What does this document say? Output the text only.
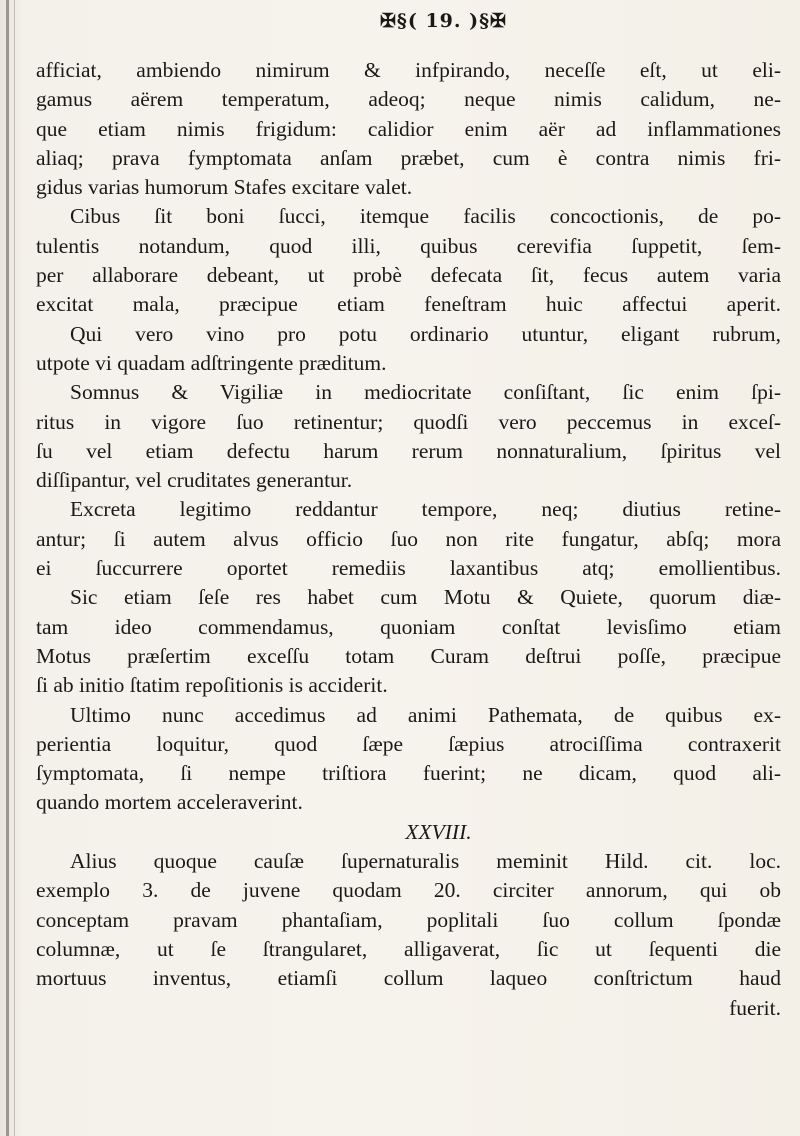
✠§( 19. )§✠
afficiat, ambiendo nimirum & infpirando, neceſſe eſt, ut eli-
gamus aërem temperatum, adeoq; neque nimis calidum, ne-
que etiam nimis frigidum: calidior enim aër ad inflammationes
aliaq; prava fymptomata anſam præbet, cum è contra nimis fri-
gidus varias humorum Stafes excitare valet.
Cibus ſit boni ſucci, itemque facilis concoctionis, de po-
tulentis notandum, quod illi, quibus cerevifia ſuppetit, ſem-
per allaborare debeant, ut probè defecata ſit, fecus autem varia
excitat mala, præcipue etiam feneſtram huic affectui aperit.
Qui vero vino pro potu ordinario utuntur, eligant rubrum,
utpote vi quadam adſtringente præditum.
Somnus & Vigiliæ in mediocritate conſiſtant, ſic enim ſpi-
ritus in vigore ſuo retinentur; quodſi vero peccemus in exceſ-
ſu vel etiam defectu harum rerum nonnaturalium, ſpiritus vel
diſſipantur, vel cruditates generantur.
Excreta legitimo reddantur tempore, neq; diutius retine-
antur; ſi autem alvus officio ſuo non rite fungatur, abſq; mora
ei ſuccurrere oportet remediis laxantibus atq; emollientibus.
Sic etiam ſeſe res habet cum Motu & Quiete, quorum diæ-
tam ideo commendamus, quoniam conſtat levisſimo etiam
Motus præſertim exceſſu totam Curam deſtrui poſſe, præcipue
ſi ab initio ſtatim repoſitionis is acciderit.
Ultimo nunc accedimus ad animi Pathemata, de quibus ex-
perientia loquitur, quod ſæpe ſæpius atrociſſima contraxerit
ſymptomata, ſi nempe triſtiora fuerint; ne dicam, quod ali-
quando mortem acceleraverint.
XXVIII.
Alius quoque cauſæ ſupernaturalis meminit Hild. cit. loc.
exemplo 3. de juvene quodam 20. circiter annorum, qui ob
conceptam pravam phantaſiam, poplitali ſuo collum ſpondæ
columnæ, ut ſe ſtrangularet, alligaverat, ſic ut ſequenti die
mortuus inventus, etiamſi collum laqueo conſtrictum haud
fuerit.
